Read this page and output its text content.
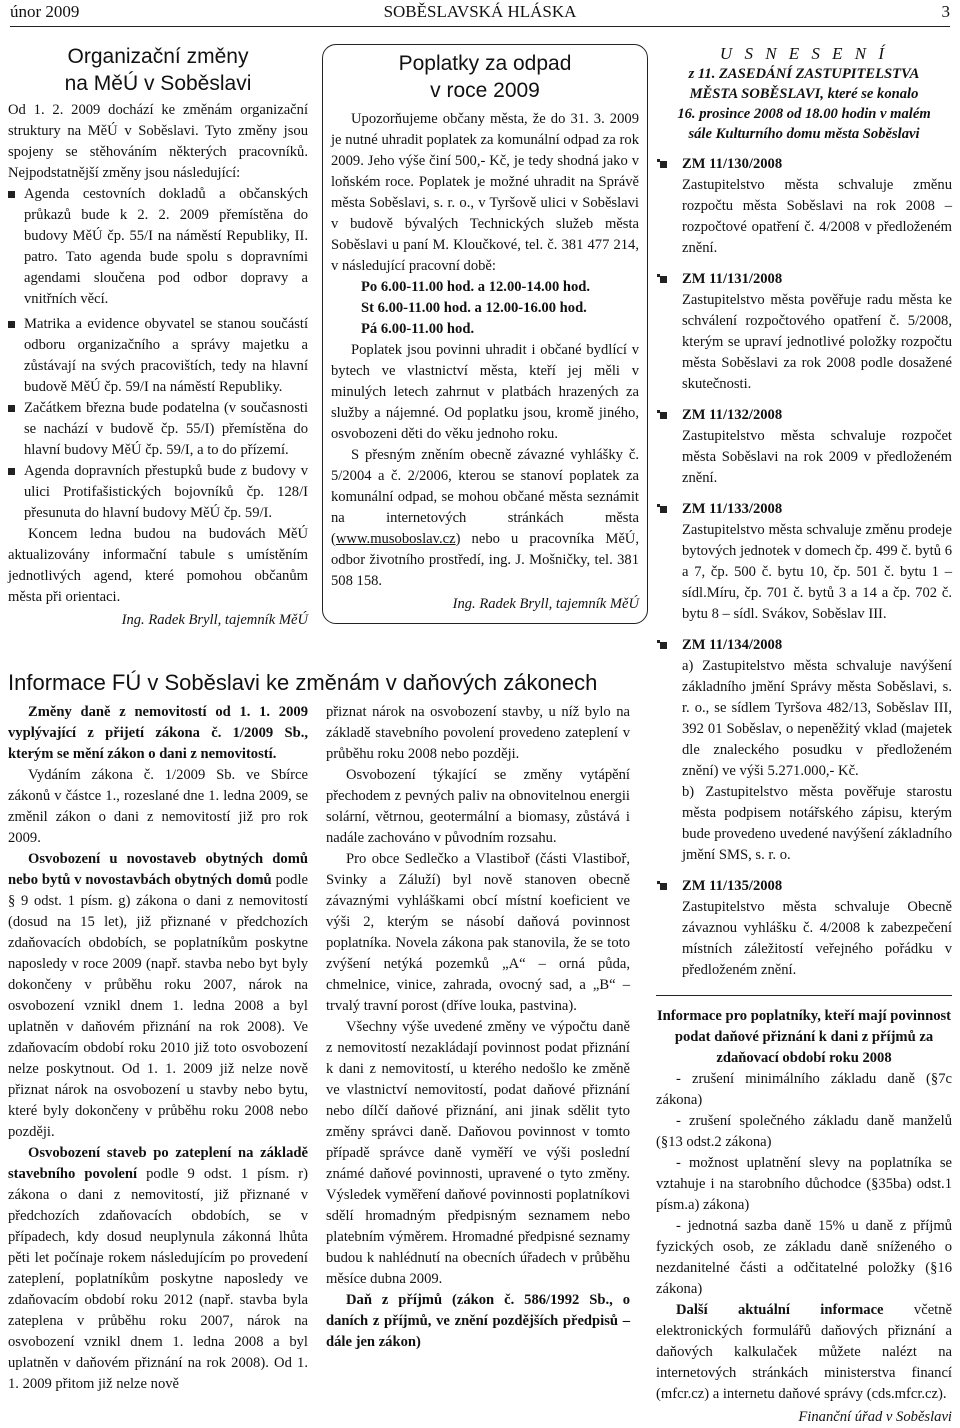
únor 2009	SOBĚSLAVSKÁ HLÁSKA	3
Organizační změny
na MěÚ v Soběslavi

Od 1. 2. 2009 dochází ke změnám organizační struktury na MěÚ v Soběslavi. Tyto změny jsou spojeny se stěhováním některých pracovníků. Nejpodstatnější změny jsou následující:

Agenda cestovních dokladů a občanských průkazů bude k 2. 2. 2009 přemístěna do budovy MěÚ čp. 55/I na náměstí Republiky, II. patro. Tato agenda bude spolu s dopravními agendami sloučena pod odbor dopravy a vnitřních věcí.
Matrika a evidence obyvatel se stanou součástí odboru organizačního a správy majetku a zůstávají na svých pracovištích, tedy na hlavní budově MěÚ čp. 59/I na náměstí Republiky.
Začátkem března bude podatelna (v současnosti se nachází v budově čp. 55/I) přemístěna do hlavní budovy MěÚ čp. 59/I, a to do přízemí.
Agenda dopravních přestupků bude z budovy v ulici Protifašistických bojovníků čp. 128/I přesunuta do hlavní budovy MěÚ čp. 59/I.

Koncem ledna budou na budovách MěÚ aktualizovány informační tabule s umístěním jednotlivých agend, které pomohou občanům města při orientaci.

Ing. Radek Bryll, tajemník MěÚ
Poplatky za odpad
v roce 2009

Upozorňujeme občany města, že do 31. 3. 2009 je nutné uhradit poplatek za komunální odpad za rok 2009. Jeho výše činí 500,- Kč, je tedy shodná jako v loňském roce. Poplatek je možné uhradit na Správě města Soběslavi, s. r. o., v Tyršově ulici v Soběslavi v budově bývalých Technických služeb města Soběslavi u paní M. Kloučkové, tel. č. 381 477 214, v následující pracovní době:

Po 6.00-11.00 hod. a 12.00-14.00 hod.
St 6.00-11.00 hod. a 12.00-16.00 hod.
Pá 6.00-11.00 hod.

Poplatek jsou povinni uhradit i občané bydlící v bytech ve vlastnictví města, kteří jej měli v minulých letech zahrnut v platbách hrazených za služby a nájemné. Od poplatku jsou, kromě jiného, osvobozeni děti do věku jednoho roku.

S přesným zněním obecně závazné vyhlášky č. 5/2004 a č. 2/2006, kterou se stanoví poplatek za komunální odpad, se mohou občané města seznámit na internetových stránkách města (www.musoboslav.cz) nebo u pracovníka MěÚ, odbor životního prostředí, ing. J. Mošničky, tel. 381 508 158.

Ing. Radek Bryll, tajemník MěÚ
U S N E S E N Í
z 11. ZASEDÁNÍ ZASTUPITELSTVA
MĚSTA SOBĚSLAVI, které se konalo
16. prosince 2008 od 18.00 hodin v malém
sále Kulturního domu města Soběslavi
ZM 11/130/2008
Zastupitelstvo města schvaluje změnu rozpočtu města Soběslavi na rok 2008 – rozpočtové opatření č. 4/2008 v předloženém znění.
ZM 11/131/2008
Zastupitelstvo města pověřuje radu města ke schválení rozpočtového opatření č. 5/2008, kterým se upraví jednotlivé položky rozpočtu města Soběslavi za rok 2008 podle dosažené skutečnosti.
ZM 11/132/2008
Zastupitelstvo města schvaluje rozpočet města Soběslavi na rok 2009 v předloženém znění.
ZM 11/133/2008
Zastupitelstvo města schvaluje změnu prodeje bytových jednotek v domech čp. 499 č. bytů 6 a 7, čp. 500 č. bytu 10, čp. 501 č. bytu 1 – sídl.Míru, čp. 701 č. bytů 3 a 14 a čp. 702 č. bytu 8 – sídl. Svákov, Soběslav III.
ZM 11/134/2008
a) Zastupitelstvo města schvaluje navýšení základního jmění Správy města Soběslavi, s. r. o., se sídlem Tyršova 482/13, Soběslav III, 392 01 Soběslav, o nepeněžitý vklad (majetek dle znaleckého posudku v předloženém znění) ve výši 5.271.000,- Kč.
b) Zastupitelstvo města pověřuje starostu města podpisem notářského zápisu, kterým bude provedeno uvedené navýšení základního jmění SMS, s. r. o.
ZM 11/135/2008
Zastupitelstvo města schvaluje Obecně závaznou vyhlášku č. 4/2008 k zabezpečení místních záležitostí veřejného pořádku v předloženém znění.
Informace pro poplatníky, kteří mají povinnost podat daňové přiznání k dani z příjmů za zdaňovací období roku 2008

- zrušení minimálního základu daně (§7c zákona)

- zrušení společného základu daně manželů (§13 odst.2 zákona)

- možnost uplatnění slevy na poplatníka se vztahuje i na starobního důchodce (§35ba) odst.1 písm.a) zákona)

- jednotná sazba daně 15% u daně z příjmů fyzických osob, ze základu daně sníženého o nezdanitelné části a odčitatelné položky (§16 zákona)

Další aktuální informace včetně elektronických formulářů daňových přiznání a daňových kalkulaček můžete nalézt na internetových stránkách ministerstva financí (mfcr.cz) a internetu daňové správy (cds.mfcr.cz).

Finanční úřad v Soběslavi
Informace FÚ v Soběslavi ke změnám v daňových zákonech

Změny daně z nemovitostí od 1. 1. 2009 vyplývající z přijetí zákona č. 1/2009 Sb., kterým se mění zákon o dani z nemovitostí.

Vydáním zákona č. 1/2009 Sb. ve Sbírce zákonů v částce 1., rozeslané dne 1. ledna 2009, se změnil zákon o dani z nemovitostí již pro rok 2009.

Osvobození u novostaveb obytných domů nebo bytů v novostavbách obytných domů podle § 9 odst. 1 písm. g) zákona o dani z nemovitostí (dosud na 15 let), již přiznané v předchozích zdaňovacích obdobích, se poplatníkům poskytne naposledy v roce 2009 (např. stavba nebo byt byly dokončeny v průběhu roku 2007, nárok na osvobození vznikl dnem 1. ledna 2008 a byl uplatněn v daňovém přiznání na rok 2008). Ve zdaňovacím období roku 2010 již toto osvobození nelze poskytnout. Od 1. 1. 2009 již nelze nově přiznat nárok na osvobození u stavby nebo bytu, které byly dokončeny v průběhu roku 2008 nebo později.

Osvobození staveb po zateplení na základě stavebního povolení podle 9 odst. 1 písm. r) zákona o dani z nemovitostí, již přiznané v předchozích zdaňovacích obdobích, se v případech, kdy dosud neuplynula zákonná lhůta pěti let počínaje rokem následujícím po provedení zateplení, poplatníkům poskytne naposledy ve zdaňovacím období roku 2012 (např. stavba byla zateplena v průběhu roku 2007, nárok na osvobození vznikl dnem 1. ledna 2008 a byl uplatněn v daňovém přiznání na rok 2008). Od 1. 1. 2009 přitom již nelze nově

přiznat nárok na osvobození stavby, u níž bylo na základě stavebního povolení provedeno zateplení v průběhu roku 2008 nebo později.

Osvobození týkající se změny vytápění přechodem z pevných paliv na obnovitelnou energii solární, větrnou, geotermální a biomasy, zůstává i nadále zachováno v původním rozsahu.

Pro obce Sedlečko a Vlastiboř (části Vlastiboř, Svinky a Záluží) byl nově stanoven obecně závaznými vyhláškami obcí místní koeficient ve výši 2, kterým se násobí daňová povinnost poplatníka. Novela zákona pak stanovila, že se toto zvýšení netýká pozemků „A“ – orná půda, chmelnice, vinice, zahrada, ovocný sad, a „B“ – trvalý travní porost (dříve louka, pastvina).

Všechny výše uvedené změny ve výpočtu daně z nemovitostí nezakládají povinnost podat přiznání k dani z nemovitostí, u kterého nedošlo ke změně ve vlastnictví nemovitostí, podat daňové přiznání nebo dílčí daňové přiznání, ani jinak sdělit tyto změny správci daně. Daňovou povinnost v tomto případě správce daně vyměří ve výši poslední známé daňové povinnosti, upravené o tyto změny. Výsledek vyměření daňové povinnosti poplatníkovi sdělí hromadným předpisným seznamem nebo platebním výměrem. Hromadné předpisné seznamy budou k nahlédnutí na obecních úřadech v průběhu měsíce dubna 2009.

Daň z příjmů (zákon č. 586/1992 Sb., o daních z příjmů, ve znění pozdějších předpisů – dále jen zákon)
